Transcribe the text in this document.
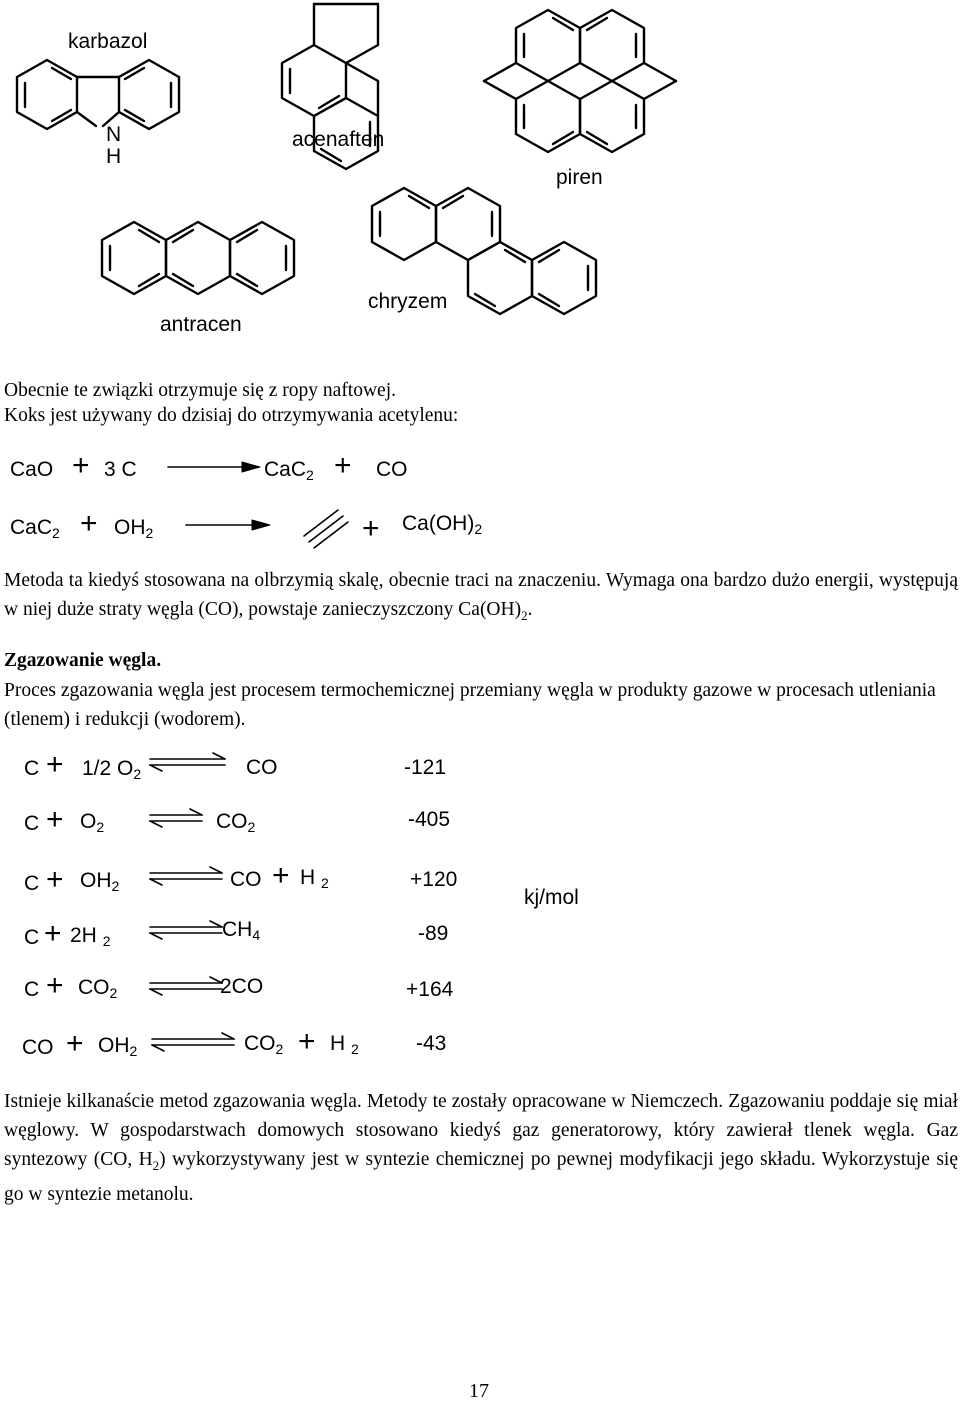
karbazol
N
H
acenaften
piren
antracen
chryzem
Obecnie te związki otrzymuje się z ropy naftowej.
Koks jest używany do dzisiaj do otrzymywania acetylenu:
CaO + 3 C	CaC$_2$ + CO
$CaC_2 + OH_2$	+ $Ca(OH)_2$
Metoda ta kiedyś stosowana na olbrzymią skalę, obecnie traci na znaczeniu. Wymaga ona bardzo dużo energii, występują w niej duże straty węgla (CO), powstaje zanieczyszczony $Ca(OH)_2$.
Zgazowanie węgla.
Proces zgazowania węgla jest procesem termochemicznej przemiany węgla w produkty gazowe w procesach utleniania (tlenem) i redukcji (wodorem).
C + 1/2 $O_2$	CO	-121
$C + O_2$	$CO_2$	-405
$C + OH_2$	CO + H $_2$	+120
kj/mol
C + 2H $_2$	$CH_4$	-89
$C + CO_2$	2CO	+164
CO + $OH_2$	$CO_2 + H$ $_2$	-43
Istnieje kilkanaście metod zgazowania węgla. Metody te zostały opracowane w Niemczech. Zgazowaniu poddaje się miał węglowy. W gospodarstwach domowych stosowano kiedyś gaz generatorowy, który zawierał tlenek węgla. Gaz syntezowy (CO, $H_2$) wykorzystywany jest w syntezie chemicznej po pewnej modyfikacji jego składu. Wykorzystuje się go w syntezie metanolu.
17
